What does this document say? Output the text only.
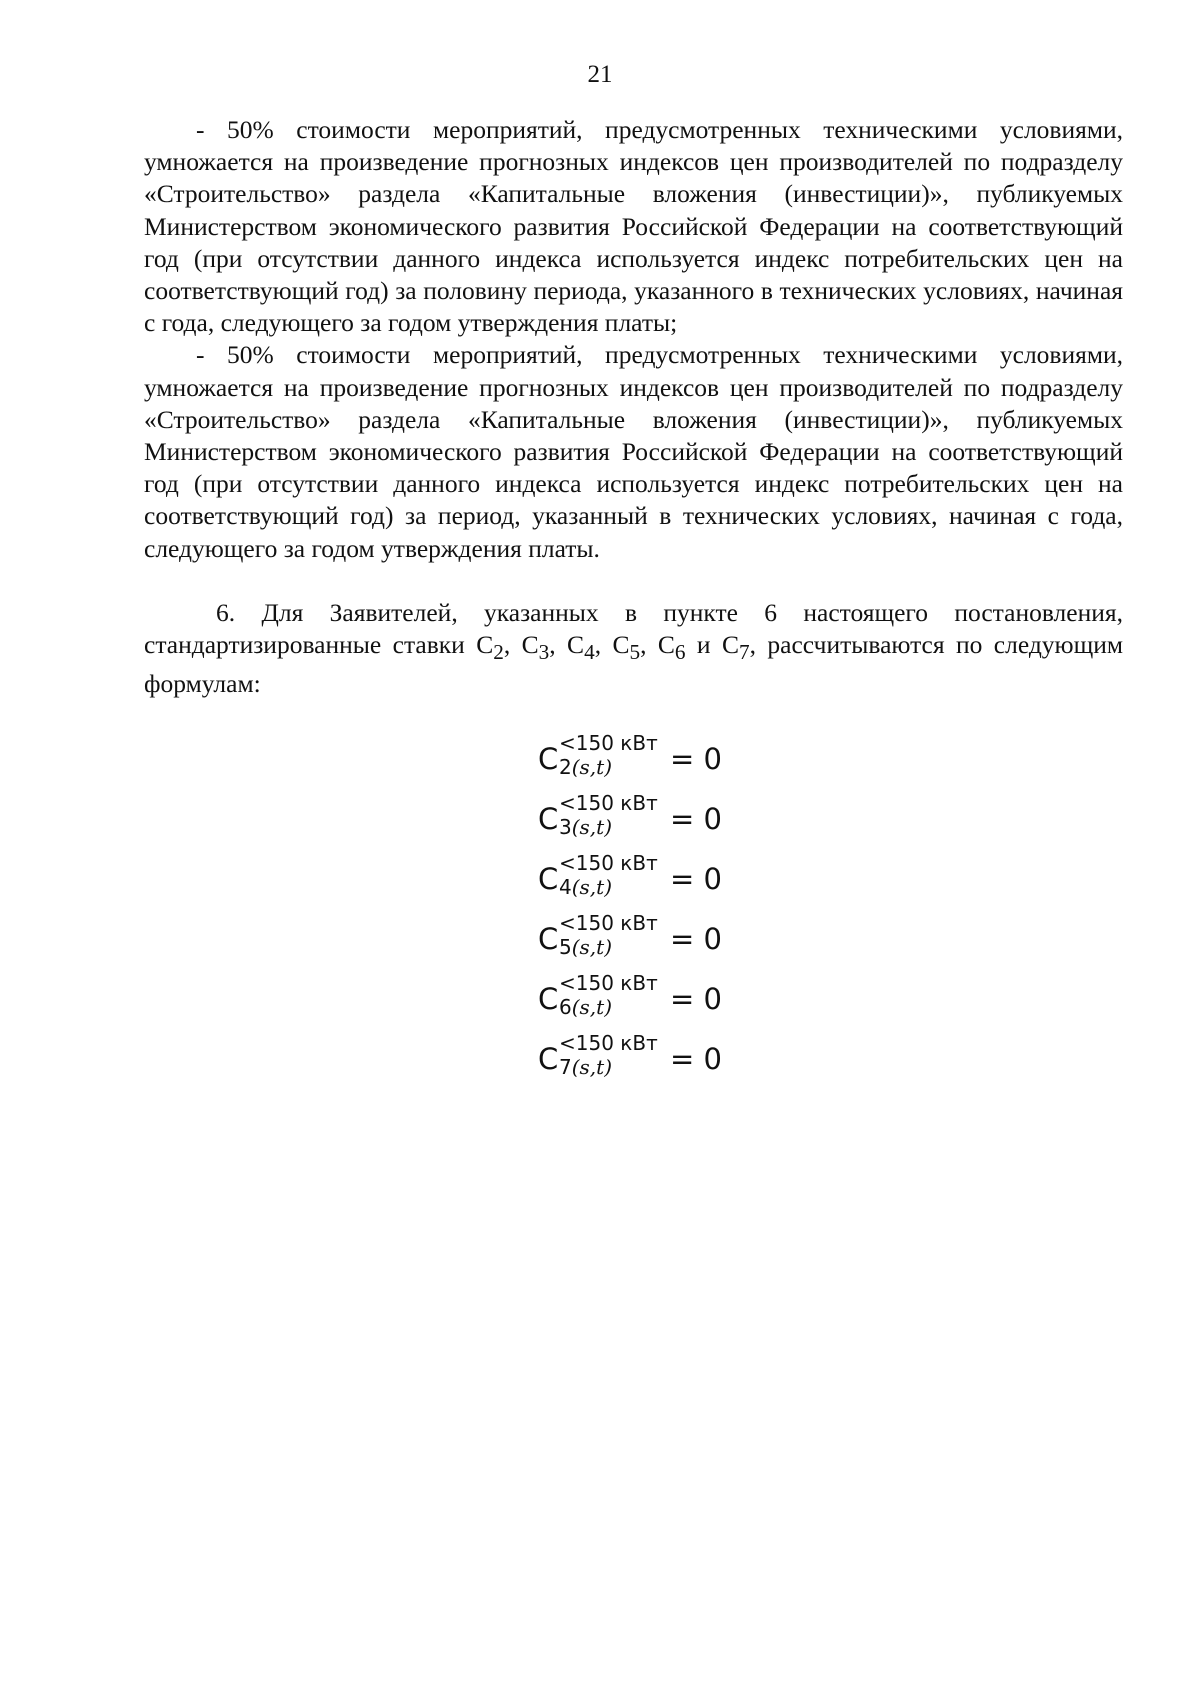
21

- 50% стоимости мероприятий, предусмотренных техническими условиями, умножается на произведение прогнозных индексов цен производителей по подразделу «Строительство» раздела «Капитальные вложения (инвестиции)», публикуемых Министерством экономического развития Российской Федерации на соответствующий год (при отсутствии данного индекса используется индекс потребительских цен на соответствующий год) за половину периода, указанного в технических условиях, начиная с года, следующего за годом утверждения платы;

- 50% стоимости мероприятий, предусмотренных техническими условиями, умножается на произведение прогнозных индексов цен производителей по подразделу «Строительство» раздела «Капитальные вложения (инвестиции)», публикуемых Министерством экономического развития Российской Федерации на соответствующий год (при отсутствии данного индекса используется индекс потребительских цен на соответствующий год) за период, указанный в технических условиях, начиная с года, следующего за годом утверждения платы.

6. Для Заявителей, указанных в пункте 6 настоящего постановления, стандартизированные ставки $С_2$, $С_3$, $С_4$, $С_5$, $С_6$ и $С_7$, рассчитываются по следующим формулам:

С <150 кВт
2(s,t) = 0
С <150 кВт
3(s,t) = 0
С <150 кВт
4(s,t) = 0
С <150 кВт
5(s,t) = 0
С <150 кВт
6(s,t) = 0
С <150 кВт
7(s,t) = 0
